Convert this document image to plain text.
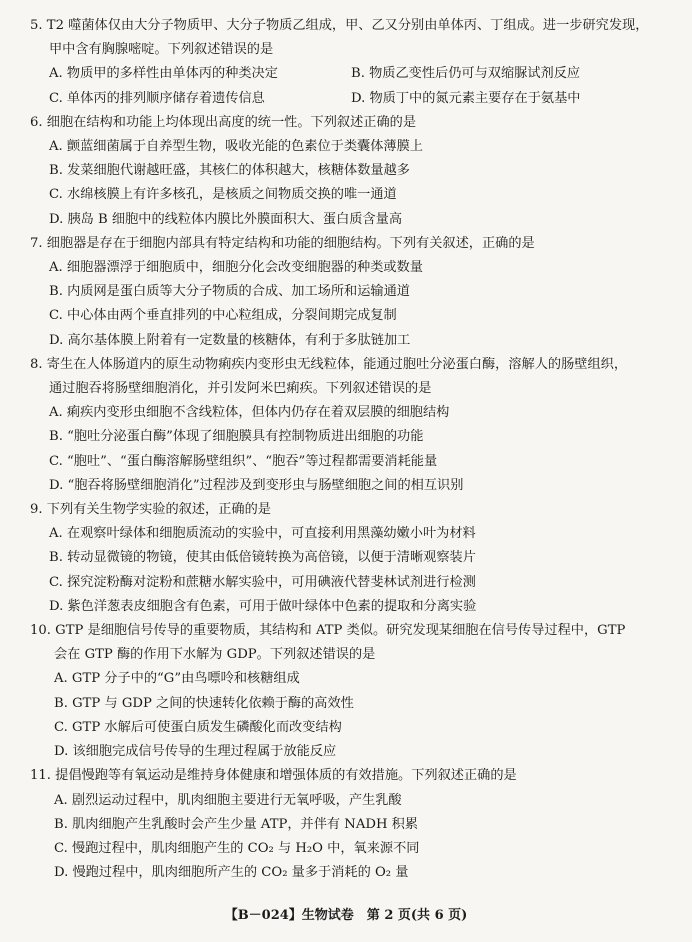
5. T2 噬菌体仅由大分子物质甲、大分子物质乙组成，甲、乙又分别由单体丙、丁组成。进一步研究发现，

甲中含有胸腺嘧啶。下列叙述错误的是

A. 物质甲的多样性由单体丙的种类决定	B. 物质乙变性后仍可与双缩脲试剂反应

C. 单体丙的排列顺序储存着遗传信息	D. 物质丁中的氮元素主要存在于氨基中

6. 细胞在结构和功能上均体现出高度的统一性。下列叙述正确的是

A. 颤蓝细菌属于自养型生物，吸收光能的色素位于类囊体薄膜上

B. 发菜细胞代谢越旺盛，其核仁的体积越大，核糖体数量越多

C. 水绵核膜上有许多核孔，是核质之间物质交换的唯一通道

D. 胰岛 B 细胞中的线粒体内膜比外膜面积大、蛋白质含量高

7. 细胞器是存在于细胞内部具有特定结构和功能的细胞结构。下列有关叙述，正确的是

A. 细胞器漂浮于细胞质中，细胞分化会改变细胞器的种类或数量

B. 内质网是蛋白质等大分子物质的合成、加工场所和运输通道

C. 中心体由两个垂直排列的中心粒组成，分裂间期完成复制

D. 高尔基体膜上附着有一定数量的核糖体，有利于多肽链加工

8. 寄生在人体肠道内的原生动物痢疾内变形虫无线粒体，能通过胞吐分泌蛋白酶，溶解人的肠壁组织，

通过胞吞将肠壁细胞消化，并引发阿米巴痢疾。下列叙述错误的是

A. 痢疾内变形虫细胞不含线粒体，但体内仍存在着双层膜的细胞结构

B. “胞吐分泌蛋白酶”体现了细胞膜具有控制物质进出细胞的功能

C. “胞吐”、“蛋白酶溶解肠壁组织”、“胞吞”等过程都需要消耗能量

D. “胞吞将肠壁细胞消化”过程涉及到变形虫与肠壁细胞之间的相互识别

9. 下列有关生物学实验的叙述，正确的是

A. 在观察叶绿体和细胞质流动的实验中，可直接利用黑藻幼嫩小叶为材料

B. 转动显微镜的物镜，使其由低倍镜转换为高倍镜，以便于清晰观察装片

C. 探究淀粉酶对淀粉和蔗糖水解实验中，可用碘液代替斐林试剂进行检测

D. 紫色洋葱表皮细胞含有色素，可用于做叶绿体中色素的提取和分离实验

10. GTP 是细胞信号传导的重要物质，其结构和 ATP 类似。研究发现某细胞在信号传导过程中，GTP

会在 GTP 酶的作用下水解为 GDP。下列叙述错误的是

A. GTP 分子中的“G”由鸟嘌呤和核糖组成

B. GTP 与 GDP 之间的快速转化依赖于酶的高效性

C. GTP 水解后可使蛋白质发生磷酸化而改变结构

D. 该细胞完成信号传导的生理过程属于放能反应

11. 提倡慢跑等有氧运动是维持身体健康和增强体质的有效措施。下列叙述正确的是

A. 剧烈运动过程中，肌肉细胞主要进行无氧呼吸，产生乳酸

B. 肌肉细胞产生乳酸时会产生少量 ATP，并伴有 NADH 积累

C. 慢跑过程中，肌肉细胞产生的 CO₂ 与 H₂O 中，氧来源不同

D. 慢跑过程中，肌肉细胞所产生的 CO₂ 量多于消耗的 O₂ 量

【B－024】生物试卷　第 2 页(共 6 页)
